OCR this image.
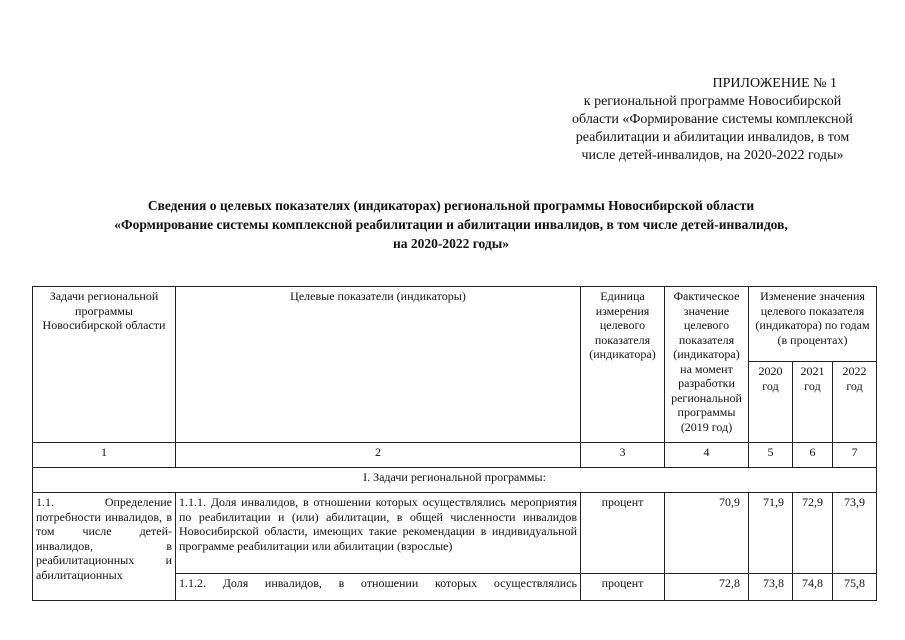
ПРИЛОЖЕНИЕ № 1
к региональной программе Новосибирской области «Формирование системы комплексной реабилитации и абилитации инвалидов, в том числе детей-инвалидов, на 2020-2022 годы»
Сведения о целевых показателях (индикаторах) региональной программы Новосибирской области
«Формирование системы комплексной реабилитации и абилитации инвалидов, в том числе детей-инвалидов,
на 2020-2022 годы»
Задачи региональной программы Новосибирской области	Целевые показатели (индикаторы)	Единица измерения целевого показателя (индикатора)	Фактическое значение целевого показателя (индикатора) на момент разработки региональной программы (2019 год)	Изменение значения целевого показателя (индикатора) по годам (в процентах)		
				2020 год	2021 год	2022 год
1	2	3	4	5	6	7
I. Задачи региональной программы:						
1.1. Определение потребности инвалидов, в том числе детей-инвалидов, в реабилитационных и абилитационных	1.1.1. Доля инвалидов, в отношении которых осуществлялись мероприятия по реабилитации и (или) абилитации, в общей численности инвалидов Новосибирской области, имеющих такие рекомендации в индивидуальной программе реабилитации или абилитации (взрослые)	процент	70,9	71,9	72,9	73,9
	1.1.2. Доля инвалидов, в отношении которых осуществлялись	процент	72,8	73,8	74,8	75,8
